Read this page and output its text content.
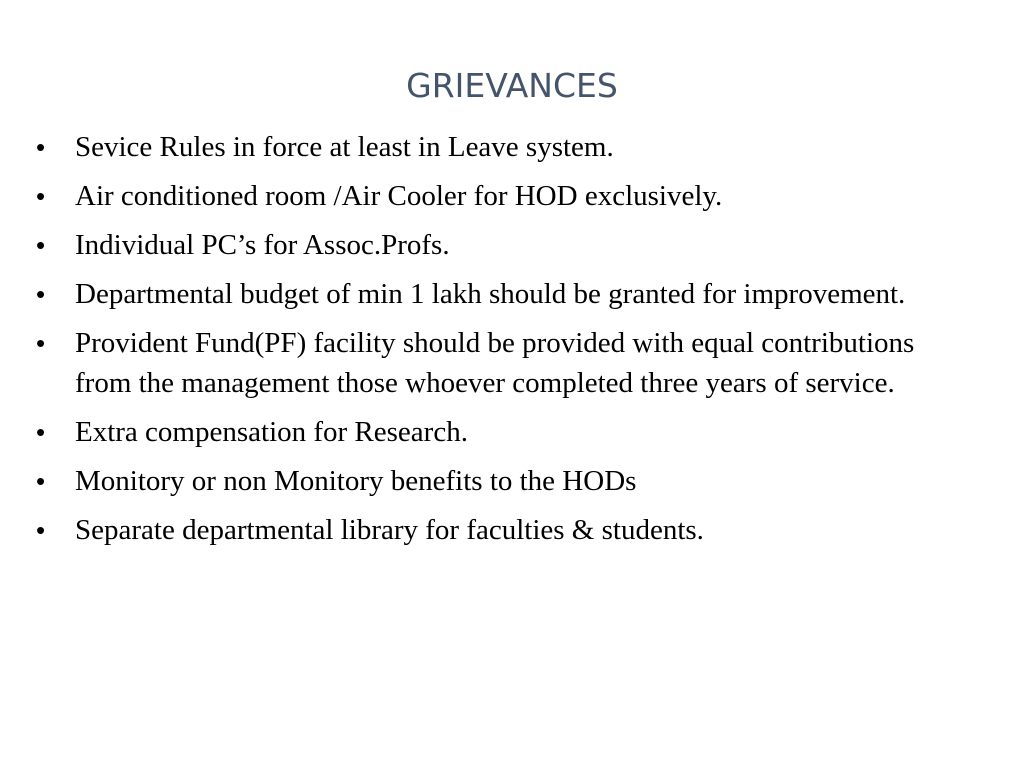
GRIEVANCES
• Sevice Rules in force at least in Leave system.
• Air conditioned room /Air Cooler for HOD exclusively.
• Individual PC’s for Assoc.Profs.
• Departmental budget of min 1 lakh should be granted for improvement.
• Provident Fund(PF) facility should be provided with equal contributions from the management those whoever completed three years of service.
• Extra compensation for Research.
• Monitory or non Monitory benefits to the HODs
• Separate departmental library for faculties & students.
